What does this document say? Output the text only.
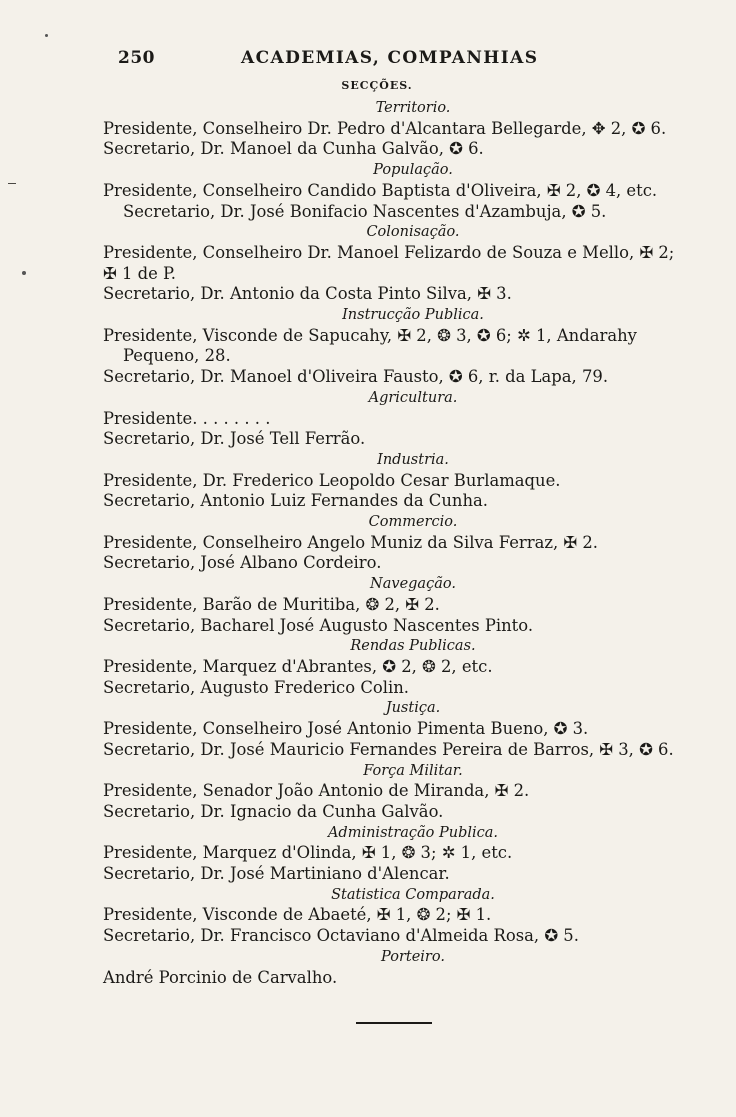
250	ACADEMIAS, COMPANHIAS
SECÇÕES.
Territorio.
Presidente, Conselheiro Dr. Pedro d'Alcantara Bellegarde, ✥ 2, ✪ 6.
Secretario, Dr. Manoel da Cunha Galvão, ✪ 6.
População.
Presidente, Conselheiro Candido Baptista d'Oliveira, ✠ 2, ✪ 4, etc.
Secretario, Dr. José Bonifacio Nascentes d'Azambuja, ✪ 5.
Colonisação.
Presidente, Conselheiro Dr. Manoel Felizardo de Souza e Mello, ✠ 2;
✠ 1 de P.
Secretario, Dr. Antonio da Costa Pinto Silva, ✠ 3.
Instrucção Publica.
Presidente, Visconde de Sapucahy, ✠ 2, ❂ 3, ✪ 6; ✲ 1, Andarahy
Pequeno, 28.
Secretario, Dr. Manoel d'Oliveira Fausto, ✪ 6, r. da Lapa, 79.
Agricultura.
Presidente. . . . . . . .
Secretario, Dr. José Tell Ferrão.
Industria.
Presidente, Dr. Frederico Leopoldo Cesar Burlamaque.
Secretario, Antonio Luiz Fernandes da Cunha.
Commercio.
Presidente, Conselheiro Angelo Muniz da Silva Ferraz, ✠ 2.
Secretario, José Albano Cordeiro.
Navegação.
Presidente, Barão de Muritiba, ❂ 2, ✠ 2.
Secretario, Bacharel José Augusto Nascentes Pinto.
Rendas Publicas.
Presidente, Marquez d'Abrantes, ✪ 2, ❂ 2, etc.
Secretario, Augusto Frederico Colin.
Justiça.
Presidente, Conselheiro José Antonio Pimenta Bueno, ✪ 3.
Secretario, Dr. José Mauricio Fernandes Pereira de Barros, ✠ 3, ✪ 6.
Força Militar.
Presidente, Senador João Antonio de Miranda, ✠ 2.
Secretario, Dr. Ignacio da Cunha Galvão.
Administração Publica.
Presidente, Marquez d'Olinda, ✠ 1, ❂ 3; ✲ 1, etc.
Secretario, Dr. José Martiniano d'Alencar.
Statistica Comparada.
Presidente, Visconde de Abaeté, ✠ 1, ❂ 2; ✠ 1.
Secretario, Dr. Francisco Octaviano d'Almeida Rosa, ✪ 5.
Porteiro.
André Porcinio de Carvalho.
